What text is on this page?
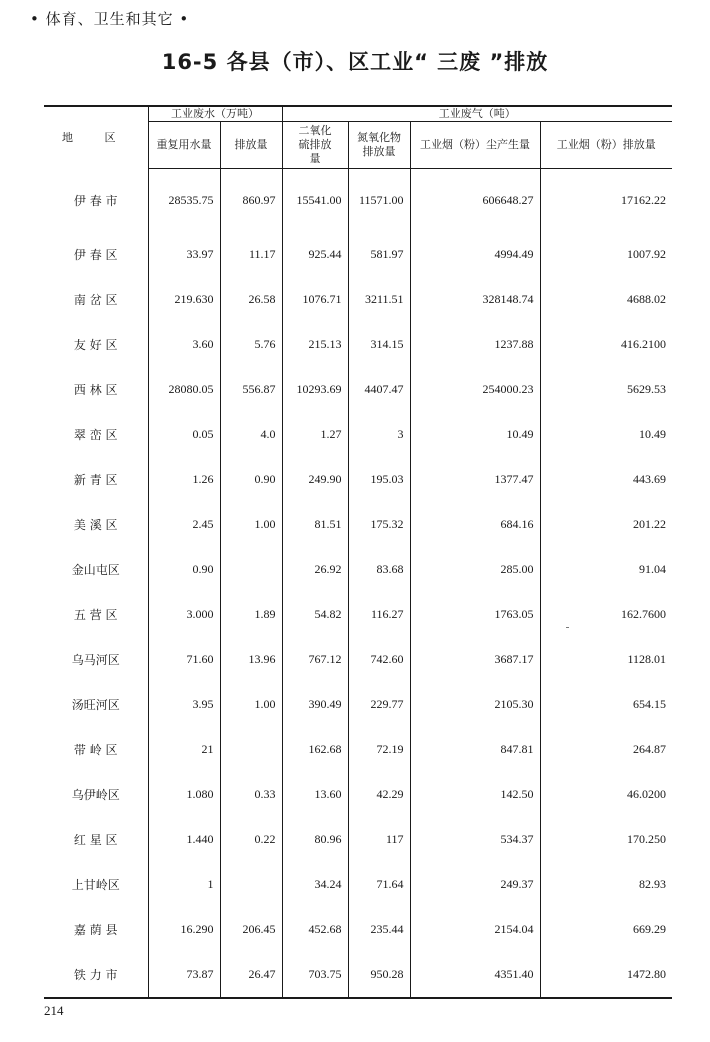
• 体育、卫生和其它 •
16-5 各县（市）、区工业“ 三废 ”排放
地 区	工业废水（万吨）		工业废气（吨）			
	重复用水量	排放量	二氧化硫排放量	氮氧化物排放量	工业烟（粉）尘产生量	工业烟（粉）排放量
伊 春 市	28535.75	860.97	15541.00	11571.00	606648.27	17162.22
伊 春 区	33.97	11.17	925.44	581.97	4994.49	1007.92
南 岔 区	219.630	26.58	1076.71	3211.51	328148.74	4688.02
友 好 区	3.60	5.76	215.13	314.15	1237.88	416.2100
西 林 区	28080.05	556.87	10293.69	4407.47	254000.23	5629.53
翠 峦 区	0.05	4.0	1.27	3	10.49	10.49
新 青 区	1.26	0.90	249.90	195.03	1377.47	443.69
美 溪 区	2.45	1.00	81.51	175.32	684.16	201.22
金山屯区	0.90		26.92	83.68	285.00	91.04
五 营 区	3.000	1.89	54.82	116.27	1763.05	162.7600
乌马河区	71.60	13.96	767.12	742.60	3687.17	1128.01
汤旺河区	3.95	1.00	390.49	229.77	2105.30	654.15
带 岭 区	21		162.68	72.19	847.81	264.87
乌伊岭区	1.080	0.33	13.60	42.29	142.50	46.0200
红 星 区	1.440	0.22	80.96	117	534.37	170.250
上甘岭区	1		34.24	71.64	249.37	82.93
嘉 荫 县	16.290	206.45	452.68	235.44	2154.04	669.29
铁 力 市	73.87	26.47	703.75	950.28	4351.40	1472.80
214
